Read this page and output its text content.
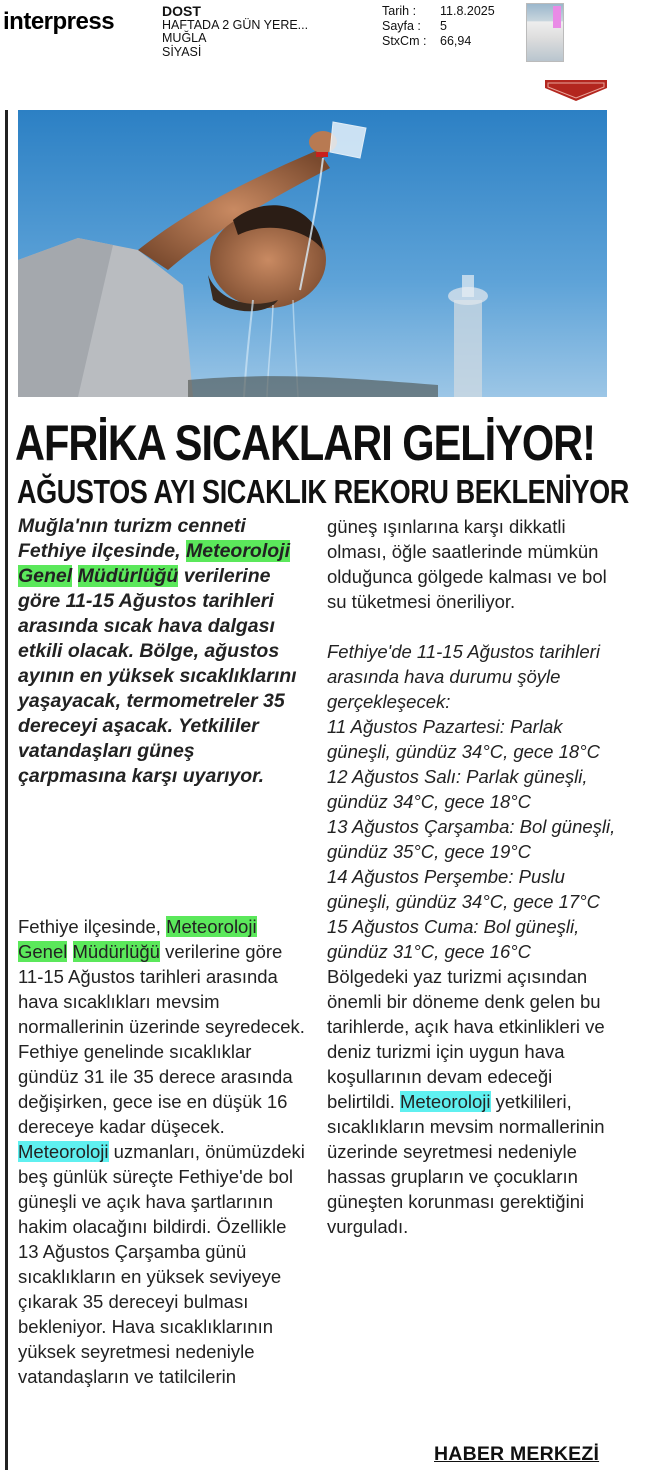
interpress	DOST
HAFTADA 2 GÜN YERE...
MUĞLA
SİYASİ
Tarih :	11.8.2025
Sayfa :	5
StxCm :	66,94
AFRİKA SICAKLARI GELİYOR!
AĞUSTOS AYI SICAKLIK REKORU BEKLENİYOR
Muğla'nın turizm cenneti Fethiye ilçesinde, Meteoroloji Genel Müdürlüğü verilerine göre 11-15 Ağustos tarihleri arasında sıcak hava dalgası etkili olacak. Bölge, ağustos ayının en yüksek sıcaklıklarını yaşayacak, termometreler 35 dereceyi aşacak. Yetkililer vatandaşları güneş çarpmasına karşı uyarıyor.
Fethiye ilçesinde, Meteoroloji Genel Müdürlüğü verilerine göre 11-15 Ağustos tarihleri arasında hava sıcaklıkları mevsim normallerinin üzerinde seyredecek. Fethiye genelinde sıcaklıklar gündüz 31 ile 35 derece arasında değişirken, gece ise en düşük 16 dereceye kadar düşecek. Meteoroloji uzmanları, önümüzdeki beş günlük süreçte Fethiye'de bol güneşli ve açık hava şartlarının hakim olacağını bildirdi. Özellikle 13 Ağustos Çarşamba günü sıcaklıkların en yüksek seviyeye çıkarak 35 dereceyi bulması bekleniyor. Hava sıcaklıklarının yüksek seyretmesi nedeniyle vatandaşların ve tatilcilerin
güneş ışınlarına karşı dikkatli olması, öğle saatlerinde mümkün olduğunca gölgede kalması ve bol su tüketmesi öneriliyor.
Fethiye'de 11-15 Ağustos tarihleri arasında hava durumu şöyle gerçekleşecek:
11 Ağustos Pazartesi: Parlak güneşli, gündüz 34°C, gece 18°C
12 Ağustos Salı: Parlak güneşli, gündüz 34°C, gece 18°C
13 Ağustos Çarşamba: Bol güneşli, gündüz 35°C, gece 19°C
14 Ağustos Perşembe: Puslu güneşli, gündüz 34°C, gece 17°C
15 Ağustos Cuma: Bol güneşli, gündüz 31°C, gece 16°C
Bölgedeki yaz turizmi açısından önemli bir döneme denk gelen bu tarihlerde, açık hava etkinlikleri ve deniz turizmi için uygun hava koşullarının devam edeceği belirtildi. Meteoroloji yetkilileri, sıcaklıkların mevsim normallerinin üzerinde seyretmesi nedeniyle hassas grupların ve çocukların güneşten korunması gerektiğini vurguladı.
HABER MERKEZİ
